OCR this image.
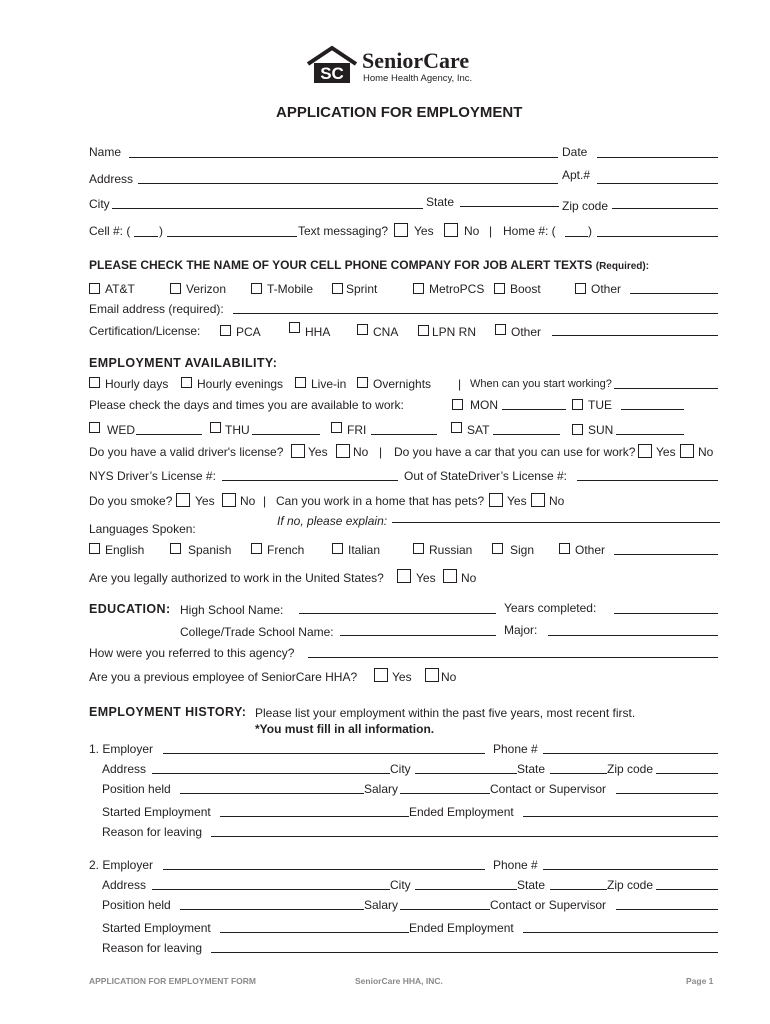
SC
SeniorCare
Home Health Agency, Inc.
APPLICATION FOR EMPLOYMENT
Name	Date
Address	Apt.#
City	State	Zip code
Cell #: ( )	Text messaging? Yes	No | Home #: (	)
PLEASE CHECK THE NAME OF YOUR CELL PHONE COMPANY FOR JOB ALERT TEXTS (Required):
AT&T	Verizon	T-Mobile	Sprint	MetroPCS Boost	Other
Email address (required):
Certification/License:	PCA	HHA	CNA	LPN RN	Other
EMPLOYMENT AVAILABILITY:
Hourly days Hourly evenings Live-in Overnights | When can you start working?
Please check the days and times you are available to work:	MON	TUE
WED	THU	FRI	SAT	SUN
Do you have a valid driver's license? Yes No | Do you have a car that you can use for work? Yes No
NYS Driver’s License #:	Out of StateDriver’s License #:
Do you smoke? Yes No | Can you work in a home that has pets? Yes No
If no, please explain:
Languages Spoken:
English	Spanish	French	Italian	Russian	Sign	Other
Are you legally authorized to work in the United States?	Yes No
EDUCATION: High School Name:	Years completed:
College/Trade School Name:	Major:
How were you referred to this agency?
Are you a previous employee of SeniorCare HHA?	Yes No
EMPLOYMENT HISTORY: Please list your employment within the past five years, most recent first.
*You must fill in all information.
1. Employer	Phone #
Address	City	State	Zip code
Position held	Salary	Contact or Supervisor
Started Employment	Ended Employment
Reason for leaving
2. Employer	Phone #
Address	City	State	Zip code
Position held	Salary	Contact or Supervisor
Started Employment	Ended Employment
Reason for leaving
APPLICATION FOR EMPLOYMENT FORM	SeniorCare HHA, INC.	Page 1
